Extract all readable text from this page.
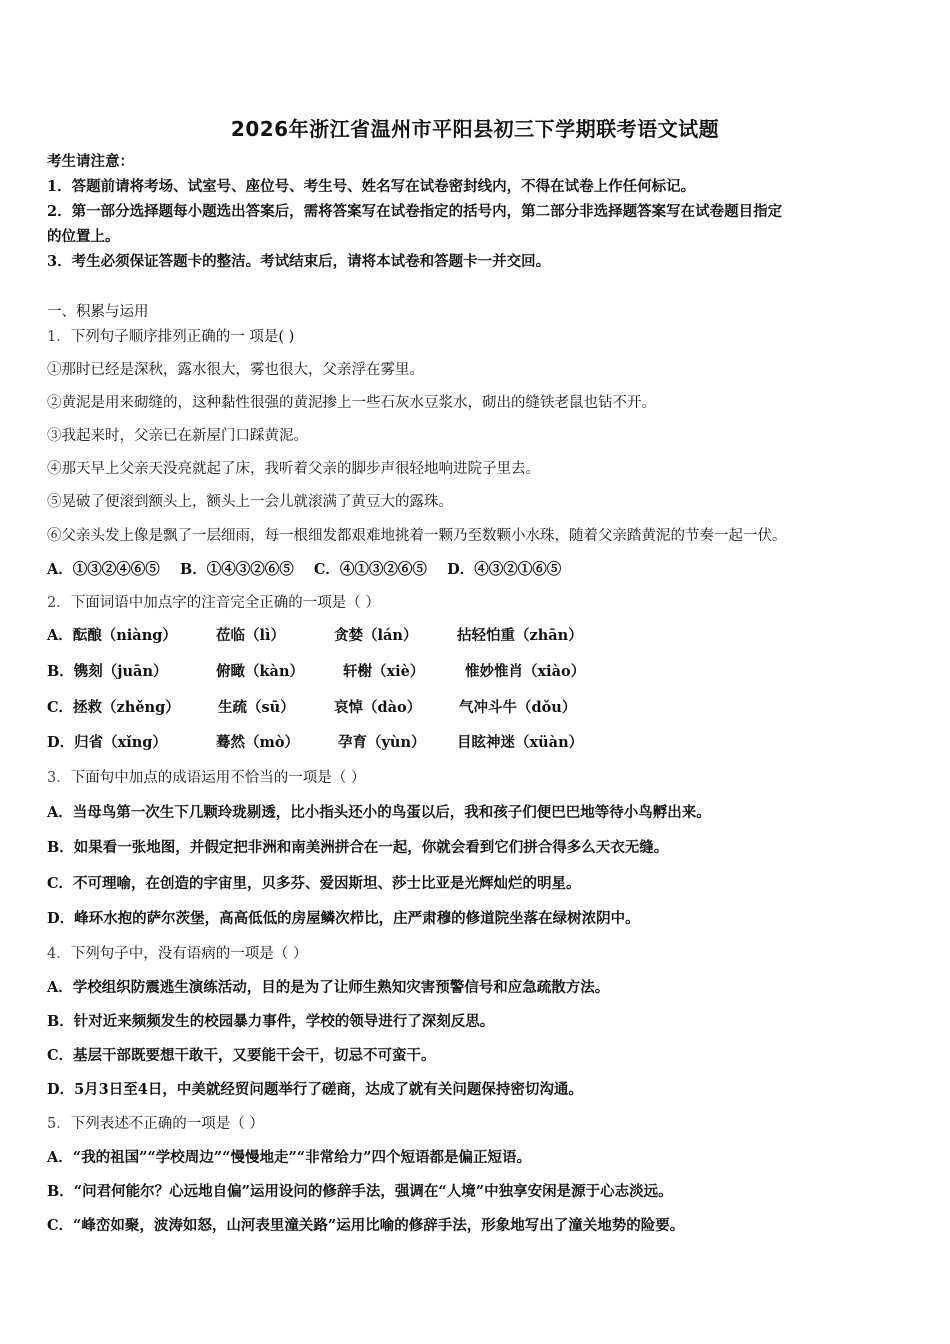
2026年浙江省温州市平阳县初三下学期联考语文试题
考生请注意：
1．答题前请将考场、试室号、座位号、考生号、姓名写在试卷密封线内，不得在试卷上作任何标记。
2．第一部分选择题每小题选出答案后，需将答案写在试卷指定的括号内，第二部分非选择题答案写在试卷题目指定
的位置上。
3．考生必须保证答题卡的整洁。考试结束后，请将本试卷和答题卡一并交回。
一、积累与运用
1．下列句子顺序排列正确的一 项是( )
①那时已经是深秋，露水很大，雾也很大，父亲浮在雾里。
②黄泥是用来砌缝的，这种黏性很强的黄泥掺上一些石灰水豆浆水，砌出的缝铁老鼠也钻不开。
③我起来时，父亲已在新屋门口踩黄泥。
④那天早上父亲天没亮就起了床，我听着父亲的脚步声很轻地响进院子里去。
⑤晃破了便滚到额头上，额头上一会儿就滚满了黄豆大的露珠。
⑥父亲头发上像是飘了一层细雨，每一根细发都艰难地挑着一颗乃至数颗小水珠，随着父亲踏黄泥的节奏一起一伏。
A．①③②④⑥⑤    B．①④③②⑥⑤    C．④①③②⑥⑤    D．④③②①⑥⑤
2．下面词语中加点字的注音完全正确的一项是（ ）
A．酝酿（niàng）	莅临（lì）	贪婪（lán）	拈轻怕重（zhān）
B．镌刻（juān）	俯瞰（kàn）	轩榭（xiè）	惟妙惟肖（xiào）
C．拯救（zhěng）	生疏（sū）	哀悼（dào）	气冲斗牛（dǒu）
D．归省（xǐng）	蓦然（mò）	孕育（yùn） 目眩神迷（xüàn）
3．下面句中加点的成语运用不恰当的一项是（ ）
A．当母鸟第一次生下几颗玲珑剔透，比小指头还小的鸟蛋以后，我和孩子们便巴巴地等待小鸟孵出来。
B．如果看一张地图，并假定把非洲和南美洲拼合在一起，你就会看到它们拼合得多么天衣无缝。
C．不可理喻，在创造的宇宙里，贝多芬、爱因斯坦、莎士比亚是光辉灿烂的明星。
D．峰环水抱的萨尔茨堡，高高低低的房屋鳞次栉比，庄严肃穆的修道院坐落在绿树浓阴中。
4．下列句子中，没有语病的一项是（ ）
A．学校组织防震逃生演练活动，目的是为了让师生熟知灾害预警信号和应急疏散方法。
B．针对近来频频发生的校园暴力事件，学校的领导进行了深刻反思。
C．基层干部既要想干敢干，又要能干会干，切忌不可蛮干。
D．5月3日至4日，中美就经贸问题举行了磋商，达成了就有关问题保持密切沟通。
5．下列表述不正确的一项是（ ）
A．“我的祖国”“学校周边”“慢慢地走”“非常给力”四个短语都是偏正短语。
B．“问君何能尔？心远地自偏”运用设问的修辞手法，强调在“人境”中独享安闲是源于心志淡远。
C．“峰峦如聚，波涛如怒，山河表里潼关路”运用比喻的修辞手法，形象地写出了潼关地势的险要。
